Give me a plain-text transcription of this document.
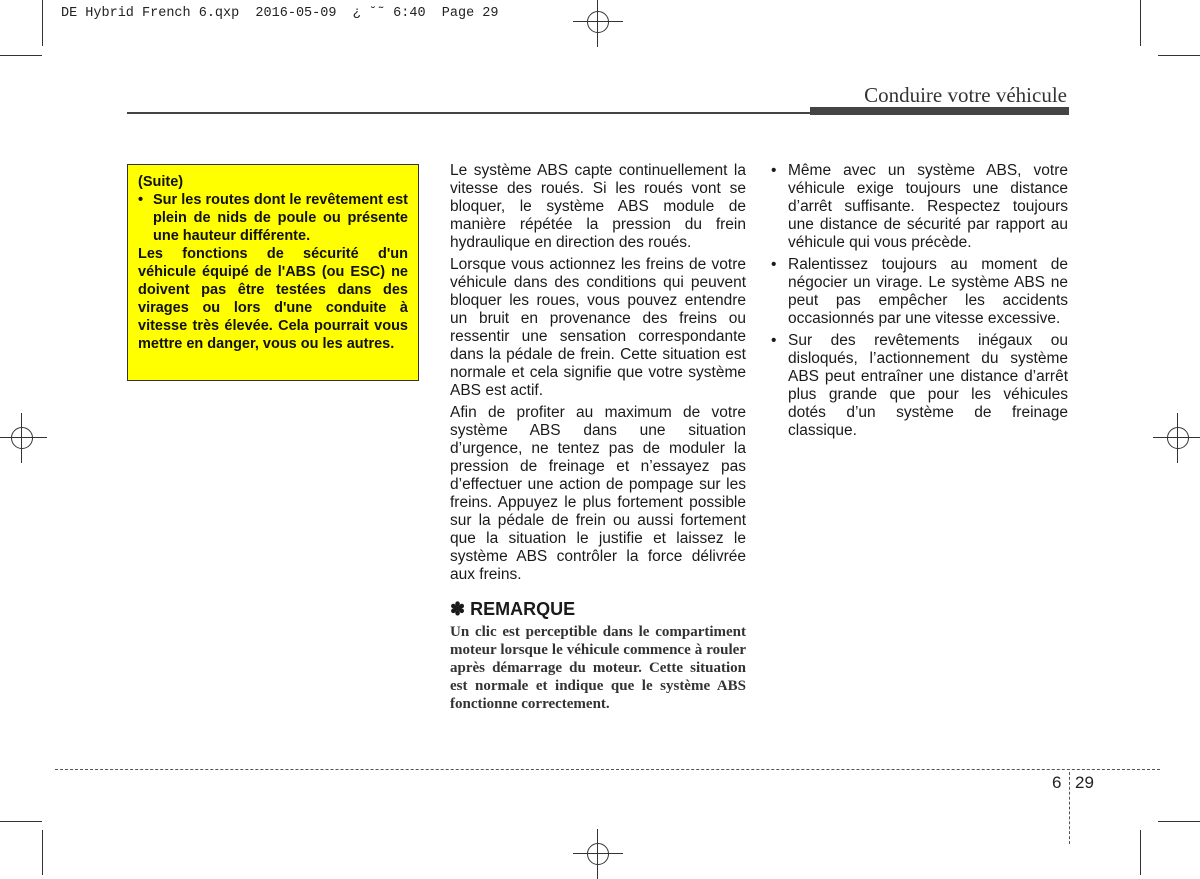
DE Hybrid French 6.qxp  2016-05-09  ¿ ˘˜ 6:40  Page 29
Conduire votre véhicule

(Suite)

• Sur les routes dont le revêtement est plein de nids de poule ou présente une hauteur différente.

Les fonctions de sécurité d'un véhicule équipé de l'ABS (ou ESC) ne doivent pas être testées dans des virages ou lors d'une conduite à vitesse très élevée. Cela pourrait vous mettre en danger, vous ou les autres.

Le système ABS capte continuellement la vitesse des roués. Si les roués vont se bloquer, le système ABS module de manière répétée la pression du frein hydraulique en direction des roués.

Lorsque vous actionnez les freins de votre véhicule dans des conditions qui peuvent bloquer les roues, vous pouvez entendre un bruit en provenance des freins ou ressentir une sensation correspondante dans la pédale de frein. Cette situation est normale et cela signifie que votre système ABS est actif.

Afin de profiter au maximum de votre système ABS dans une situation d’urgence, ne tentez pas de moduler la pression de freinage et n’essayez pas d’effectuer une action de pompage sur les freins. Appuyez le plus fortement possible sur la pédale de frein ou aussi fortement que la situation le justifie et laissez le système ABS contrôler la force délivrée aux freins.

✽ REMARQUE

Un clic est perceptible dans le compartiment moteur lorsque le véhicule commence à rouler après démarrage du moteur. Cette situation est normale et indique que le système ABS fonctionne correctement.

• Même avec un système ABS, votre véhicule exige toujours une distance d’arrêt suffisante. Respectez toujours une distance de sécurité par rapport au véhicule qui vous précède.
• Ralentissez toujours au moment de négocier un virage. Le système ABS ne peut pas empêcher les accidents occasionnés par une vitesse excessive.
• Sur des revêtements inégaux ou disloqués, l’actionnement du système ABS peut entraîner une distance d’arrêt plus grande que pour les véhicules dotés d’un système de freinage classique.
6 29
